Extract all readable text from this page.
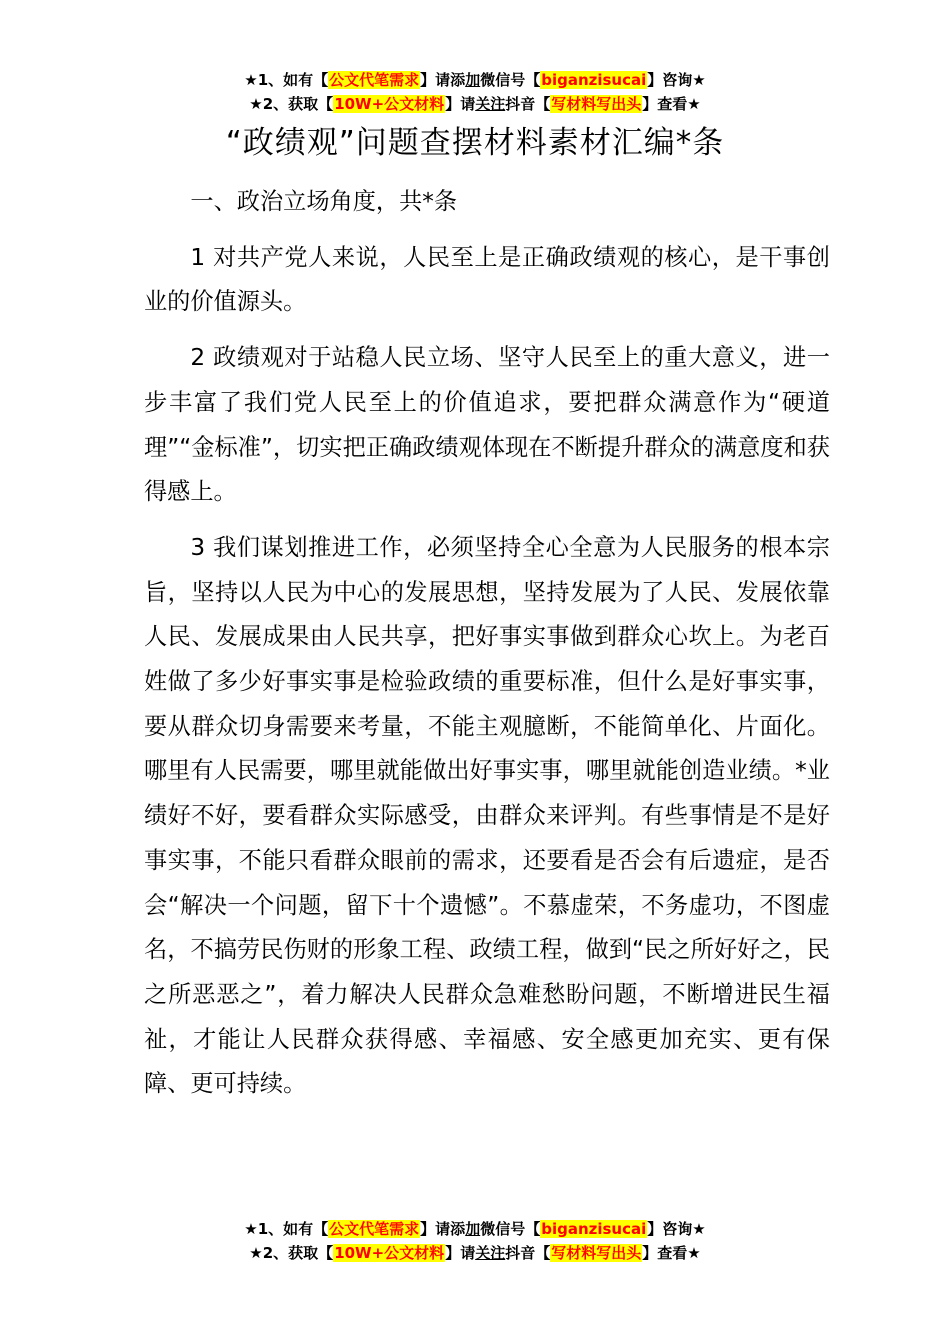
★1、如有【公文代笔需求】请添加微信号【biganzisucai】咨询★
★2、获取【10W+公文材料】请关注抖音【写材料写出头】查看★
“政绩观”问题查摆材料素材汇编*条

一、政治立场角度，共*条

1 对共产党人来说，人民至上是正确政绩观的核心，是干事创业的价值源头。

2 政绩观对于站稳人民立场、坚守人民至上的重大意义，进一步丰富了我们党人民至上的价值追求，要把群众满意作为“硬道理”“金标准”，切实把正确政绩观体现在不断提升群众的满意度和获得感上。

3 我们谋划推进工作，必须坚持全心全意为人民服务的根本宗旨，坚持以人民为中心的发展思想，坚持发展为了人民、发展依靠人民、发展成果由人民共享，把好事实事做到群众心坎上。为老百姓做了多少好事实事是检验政绩的重要标准，但什么是好事实事，要从群众切身需要来考量，不能主观臆断，不能简单化、片面化。哪里有人民需要，哪里就能做出好事实事，哪里就能创造业绩。*业绩好不好，要看群众实际感受，由群众来评判。有些事情是不是好事实事，不能只看群众眼前的需求，还要看是否会有后遗症，是否会“解决一个问题，留下十个遗憾”。不慕虚荣，不务虚功，不图虚名，不搞劳民伤财的形象工程、政绩工程，做到“民之所好好之，民之所恶恶之”，着力解决人民群众急难愁盼问题，不断增进民生福祉，才能让人民群众获得感、幸福感、安全感更加充实、更有保障、更可持续。

★1、如有【公文代笔需求】请添加微信号【biganzisucai】咨询★
★2、获取【10W+公文材料】请关注抖音【写材料写出头】查看★
